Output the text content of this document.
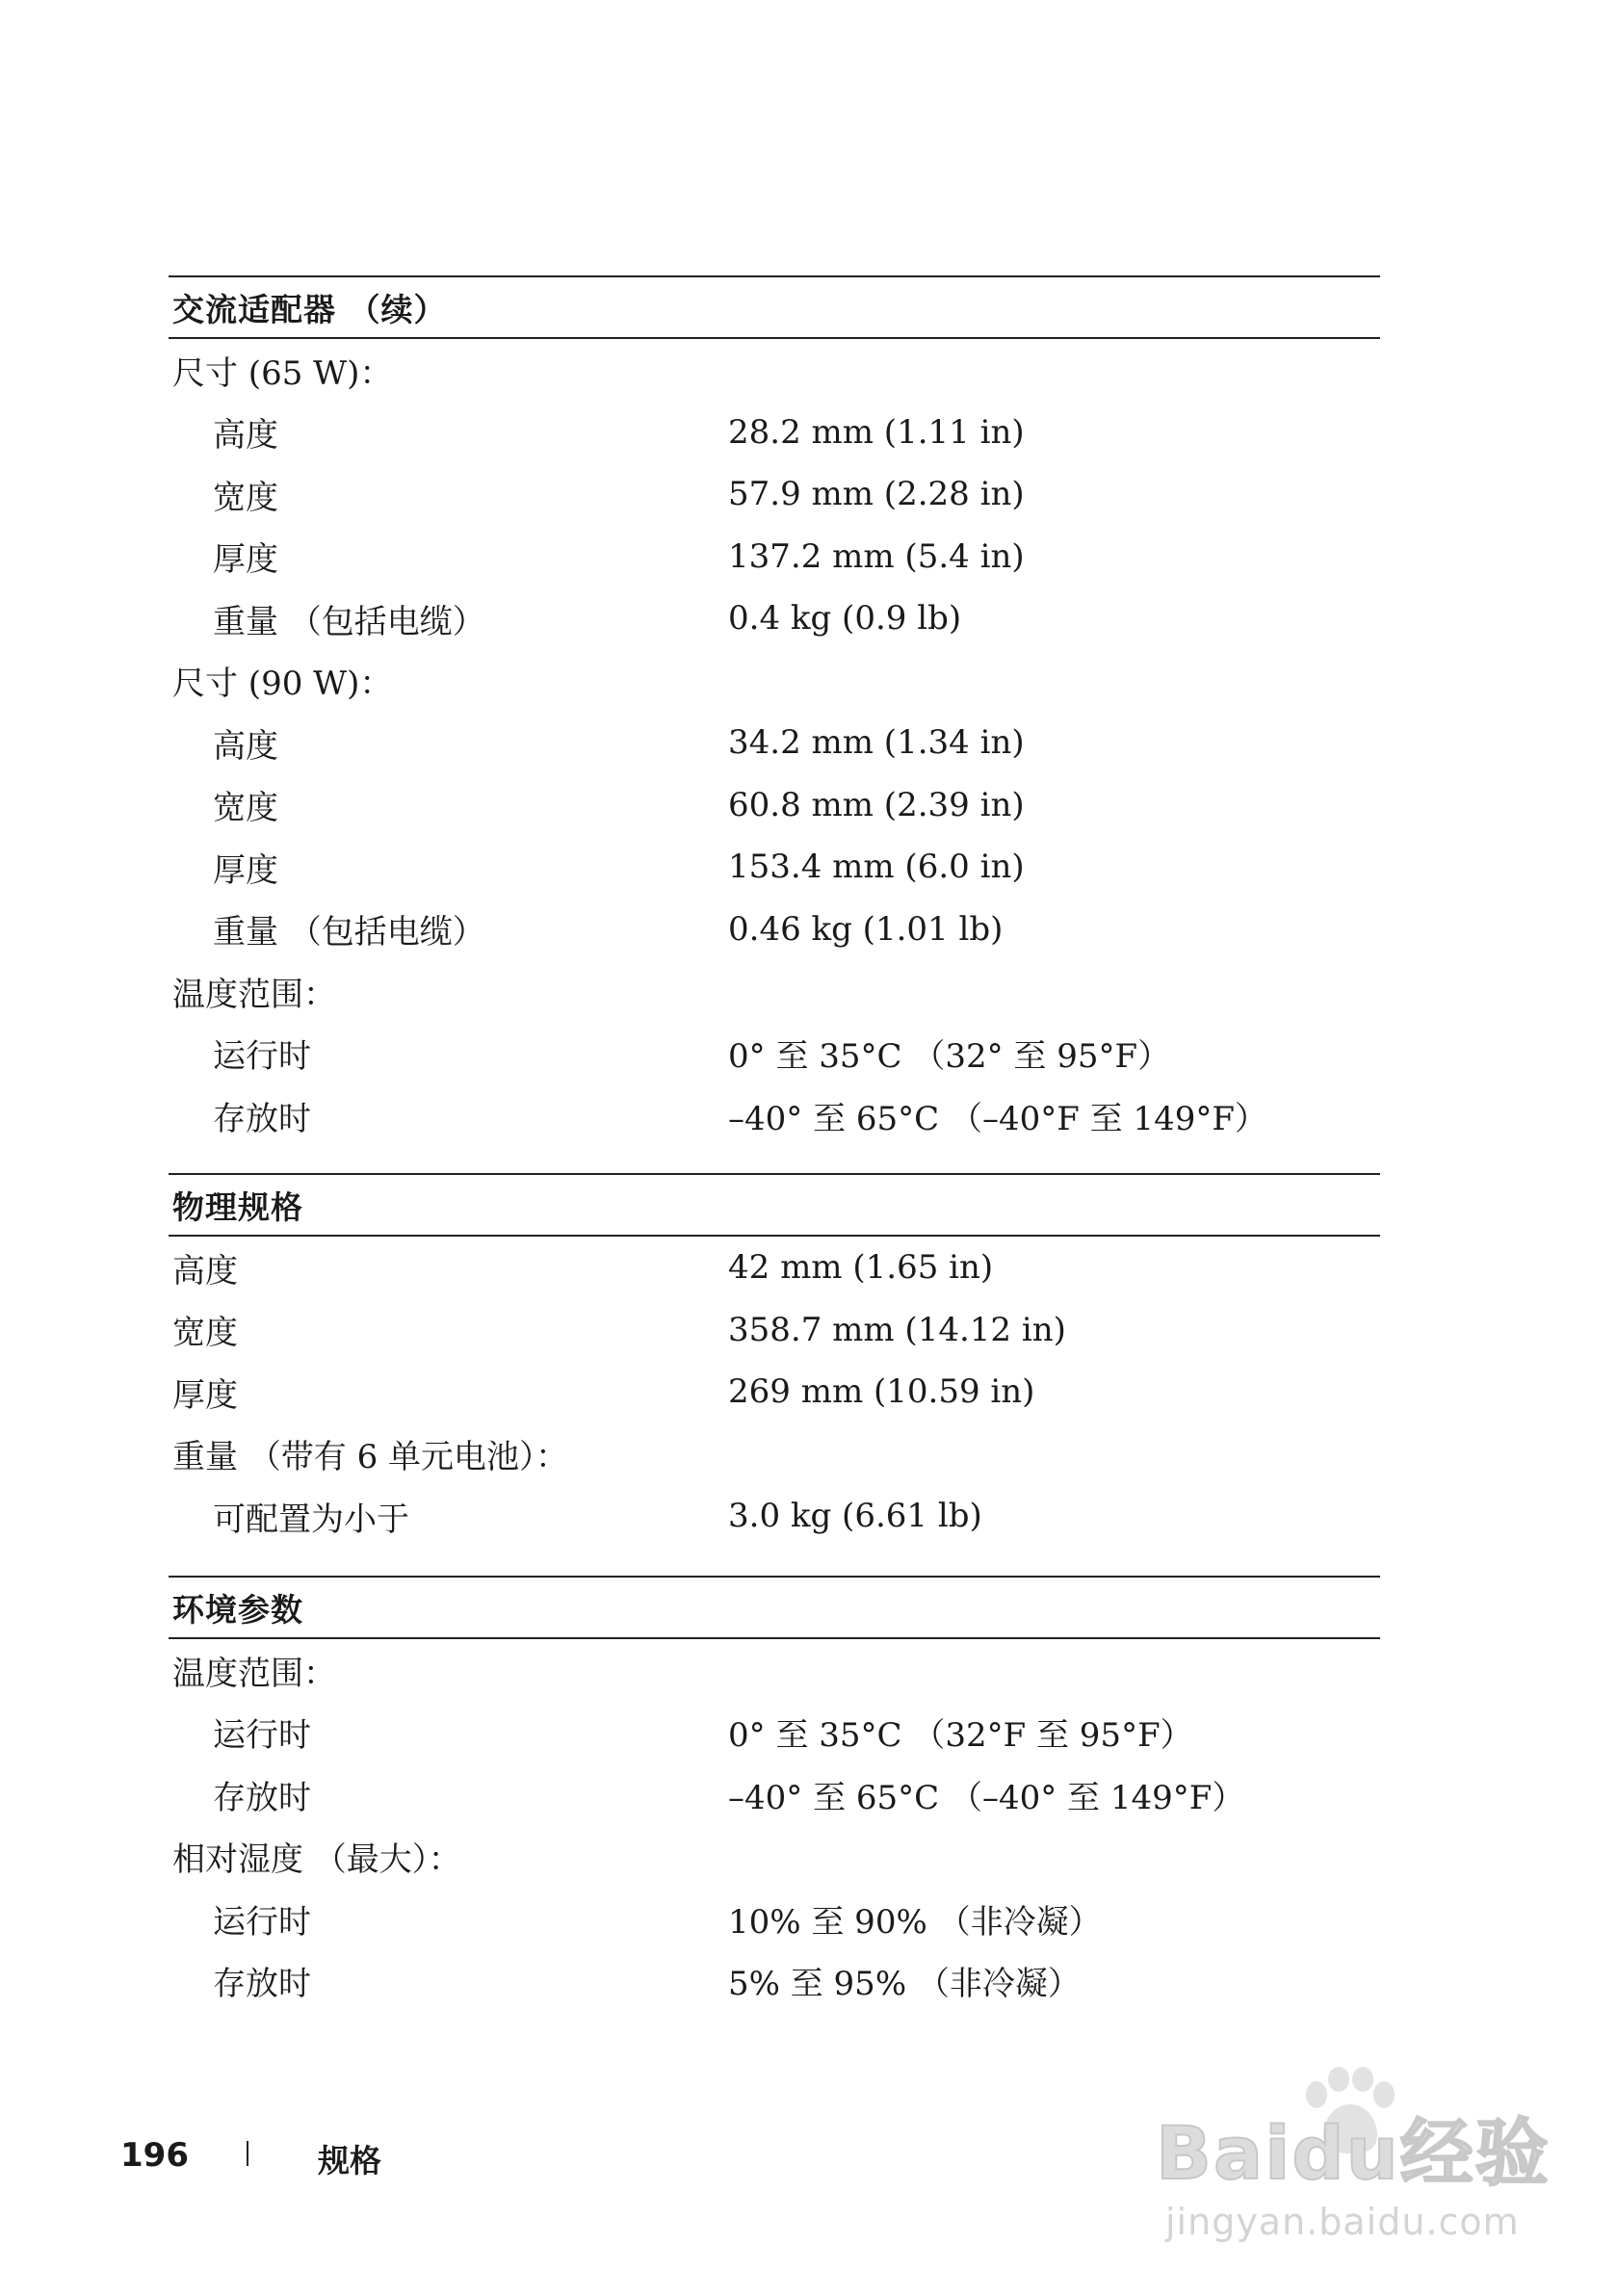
交流适配器 （续）
尺寸 (65 W)：
高度	28.2 mm (1.11 in)
宽度	57.9 mm (2.28 in)
厚度	137.2 mm (5.4 in)
重量 （包括电缆）	0.4 kg (0.9 lb)
尺寸 (90 W)：
高度	34.2 mm (1.34 in)
宽度	60.8 mm (2.39 in)
厚度	153.4 mm (6.0 in)
重量 （包括电缆）	0.46 kg (1.01 lb)
温度范围：
运行时	0° 至 35°C （32° 至 95°F）
存放时	–40° 至 65°C （–40°F 至 149°F）
物理规格
高度	42 mm (1.65 in)
宽度	358.7 mm (14.12 in)
厚度	269 mm (10.59 in)
重量 （带有 6 单元电池）：
可配置为小于	3.0 kg (6.61 lb)
环境参数
温度范围：
运行时	0° 至 35°C （32°F 至 95°F）
存放时	–40° 至 65°C （–40° 至 149°F）
相对湿度 （最大）：
运行时	10% 至 90% （非冷凝）
存放时	5% 至 95% （非冷凝）
196	规格	Baidu经验
jingyan.baidu.com
